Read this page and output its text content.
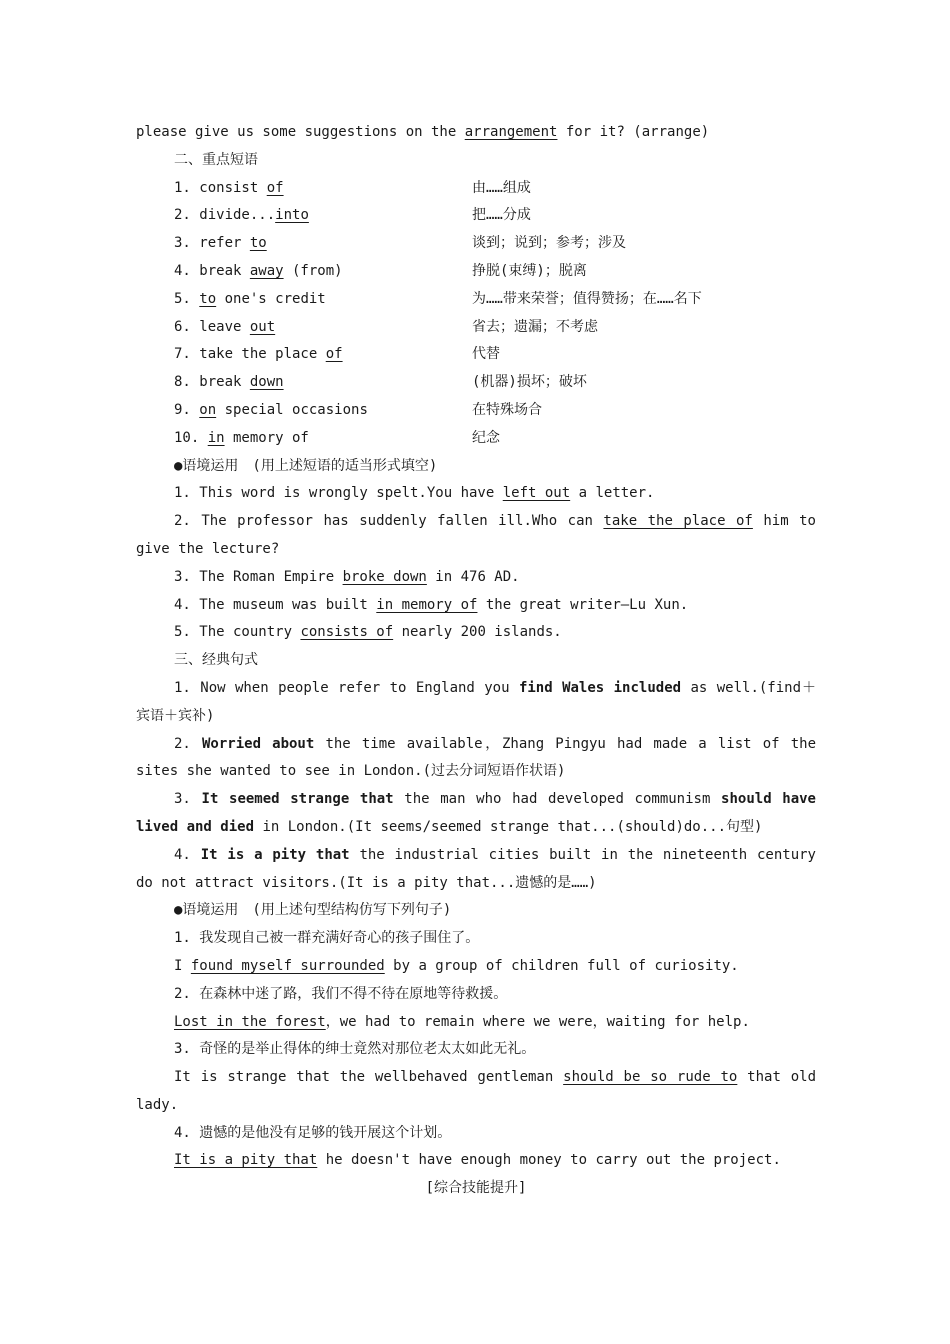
please give us some suggestions on the arrangement for it? (arrange)
二、重点短语
1. consist of	由……组成
2. divide...into	把……分成
3. refer to	谈到；说到；参考；涉及
4. break away (from)	挣脱(束缚)；脱离
5. to one's credit	为……带来荣誉；值得赞扬；在……名下
6. leave out	省去；遗漏；不考虑
7. take the place of	代替
8. break down	(机器)损坏；破坏
9. on special occasions	在特殊场合
10. in memory of	纪念
●语境运用　(用上述短语的适当形式填空)
1. This word is wrongly spelt.You have left out a letter.
2. The professor has suddenly fallen ill.Who can take the place of him to
give the lecture?
3. The Roman Empire broke down in 476 AD.
4. The museum was built in memory of the great writer—Lu Xun.
5. The country consists of nearly 200 islands.
三、经典句式
1. Now when people refer to England you find Wales included as well.(find＋
宾语＋宾补)
2. Worried about the time available，Zhang Pingyu had made a list of the
sites she wanted to see in London.(过去分词短语作状语)
3. It seemed strange that the man who had developed communism should have
lived and died in London.(It seems/seemed strange that...(should)do...句型)
4. It is a pity that the industrial cities built in the nineteenth century
do not attract visitors.(It is a pity that...遗憾的是……)
●语境运用　(用上述句型结构仿写下列句子)
1. 我发现自己被一群充满好奇心的孩子围住了。
I found myself surrounded by a group of children full of curiosity.
2. 在森林中迷了路，我们不得不待在原地等待救援。
Lost in the forest，we had to remain where we were，waiting for help.
3. 奇怪的是举止得体的绅士竟然对那位老太太如此无礼。
It is strange that the wellbehaved gentleman should be so rude to that old
lady.
4. 遗憾的是他没有足够的钱开展这个计划。
It is a pity that he doesn't have enough money to carry out the project.
[综合技能提升]
